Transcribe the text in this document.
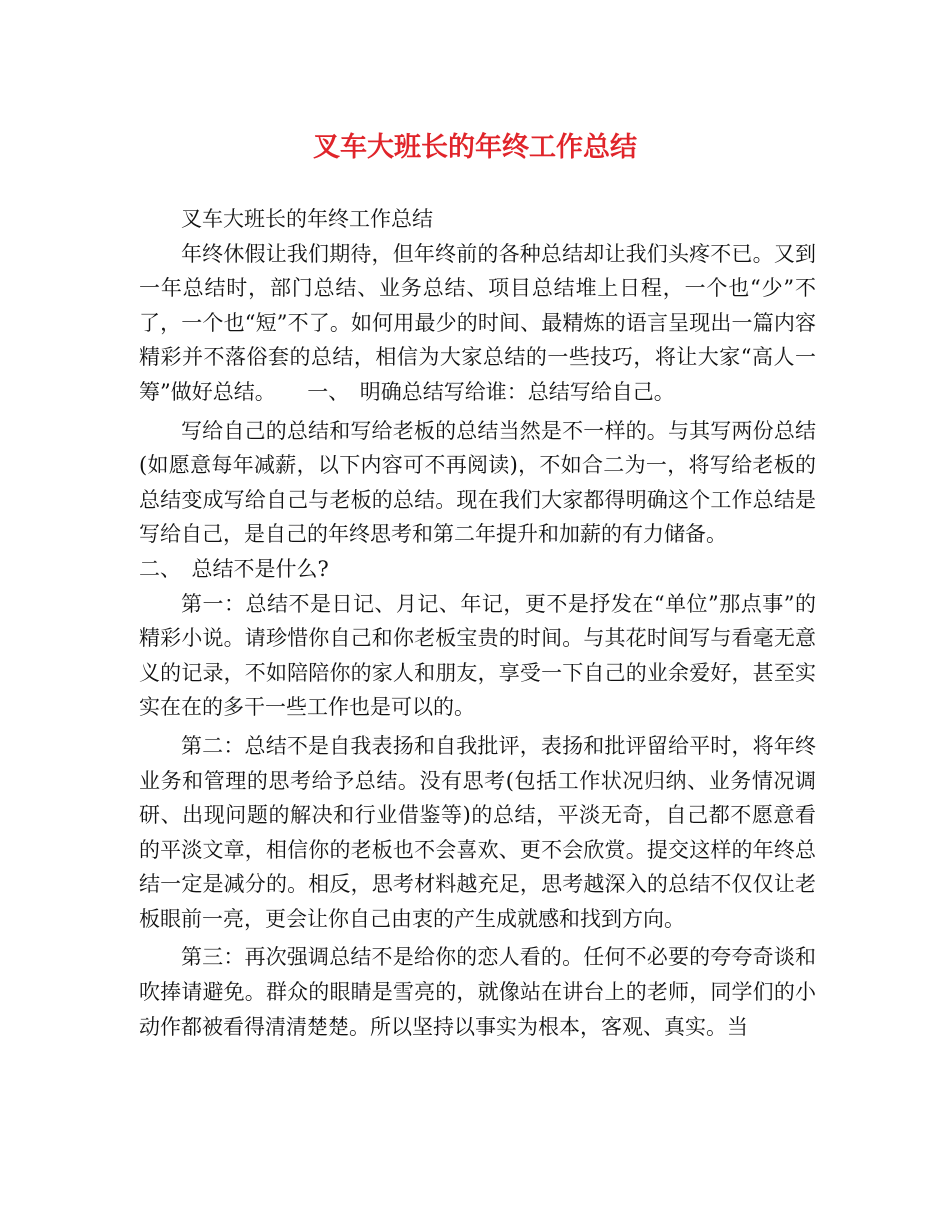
叉车大班长的年终工作总结

叉车大班长的年终工作总结

年终休假让我们期待，但年终前的各种总结却让我们头疼不已。又到一年总结时，部门总结、业务总结、项目总结堆上日程，一个也“少”不了，一个也“短”不了。如何用最少的时间、最精炼的语言呈现出一篇内容精彩并不落俗套的总结，相信为大家总结的一些技巧，将让大家“高人一筹”做好总结。　　一、　明确总结写给谁：总结写给自己。

写给自己的总结和写给老板的总结当然是不一样的。与其写两份总结(如愿意每年减薪，以下内容可不再阅读)，不如合二为一，将写给老板的总结变成写给自己与老板的总结。现在我们大家都得明确这个工作总结是写给自己，是自己的年终思考和第二年提升和加薪的有力储备。

二、　总结不是什么?

第一：总结不是日记、月记、年记，更不是抒发在“单位”那点事”的精彩小说。请珍惜你自己和你老板宝贵的时间。与其花时间写与看毫无意义的记录，不如陪陪你的家人和朋友，享受一下自己的业余爱好，甚至实实在在的多干一些工作也是可以的。

第二：总结不是自我表扬和自我批评，表扬和批评留给平时，将年终业务和管理的思考给予总结。没有思考(包括工作状况归纳、业务情况调研、出现问题的解决和行业借鉴等)的总结，平淡无奇，自己都不愿意看的平淡文章，相信你的老板也不会喜欢、更不会欣赏。提交这样的年终总结一定是减分的。相反，思考材料越充足，思考越深入的总结不仅仅让老板眼前一亮，更会让你自己由衷的产生成就感和找到方向。

第三：再次强调总结不是给你的恋人看的。任何不必要的夸夸奇谈和吹捧请避免。群众的眼睛是雪亮的，就像站在讲台上的老师，同学们的小动作都被看得清清楚楚。所以坚持以事实为根本，客观、真实。当
